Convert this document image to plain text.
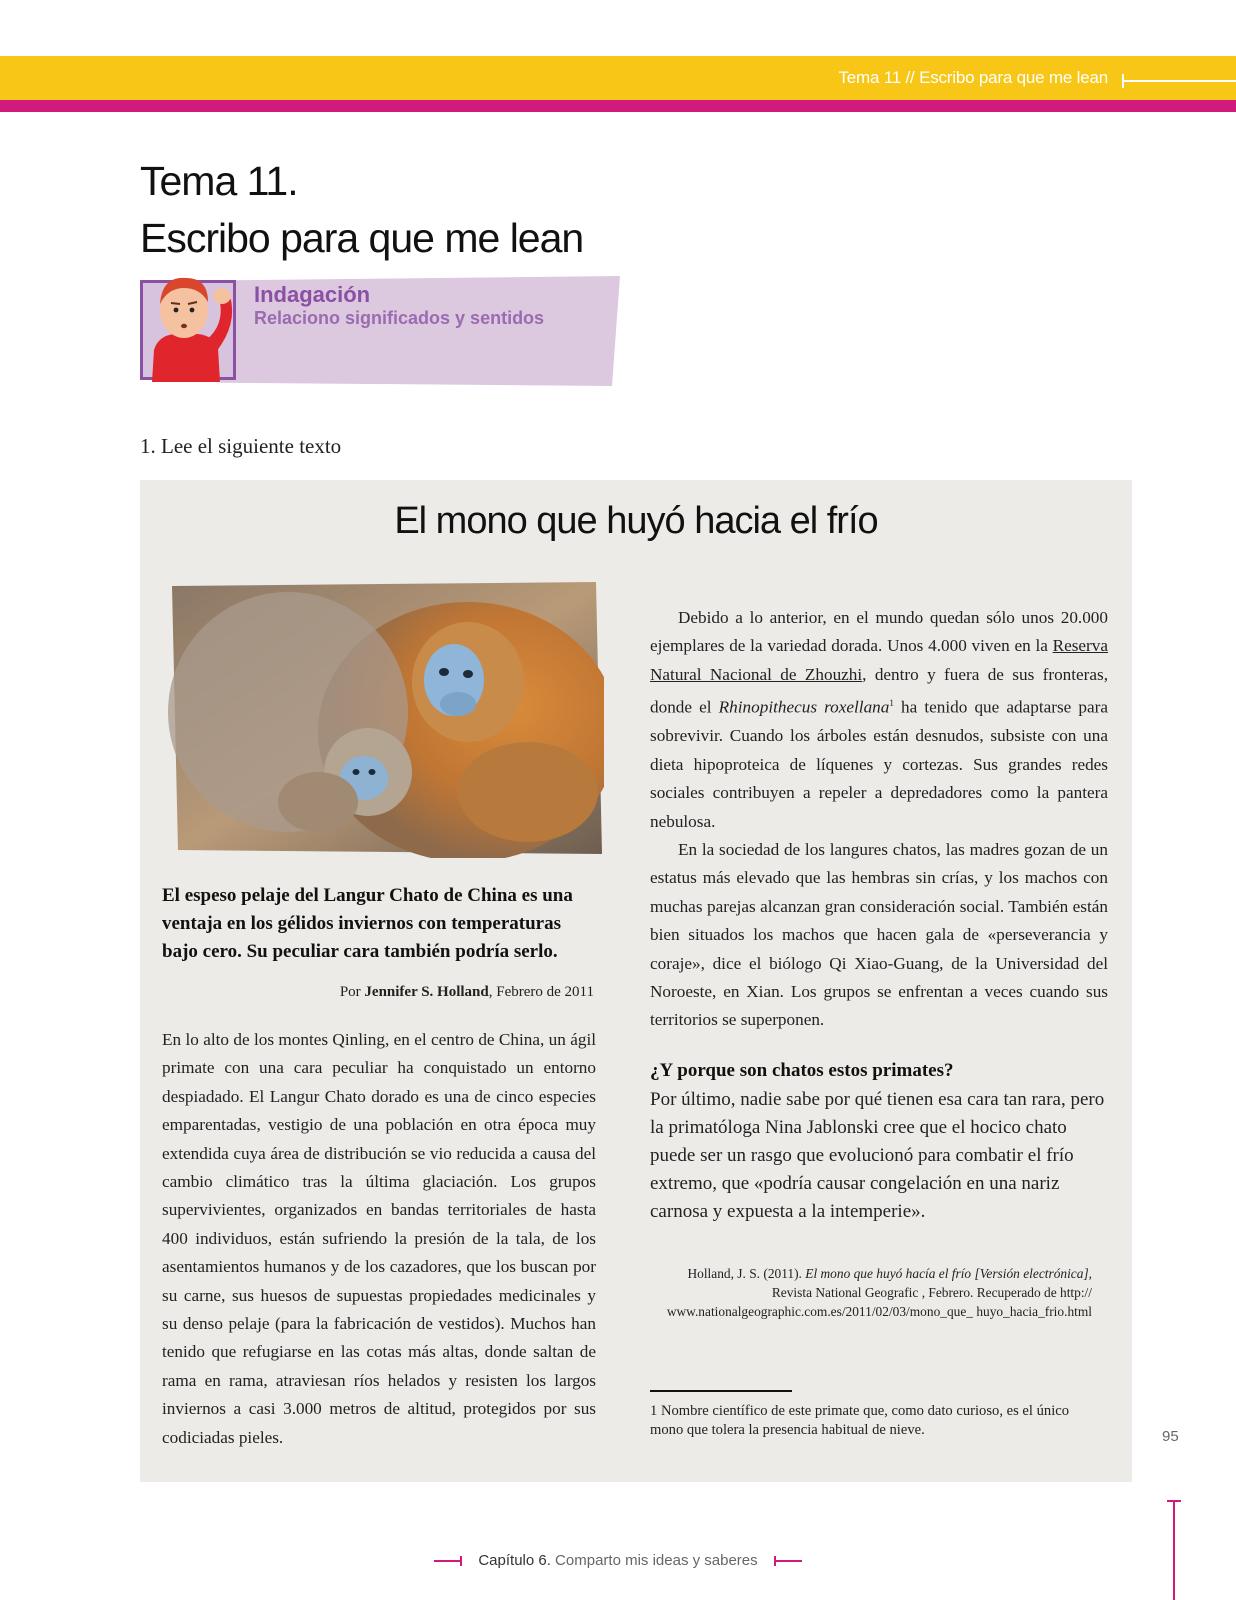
Tema 11 // Escribo para que me lean
Tema 11.
Escribo para que me lean
Indagación
Relaciono significados y sentidos
1. Lee el siguiente texto
El mono que huyó hacia el frío
El espeso pelaje del Langur Chato de China es una ventaja en los gélidos inviernos con temperaturas bajo cero. Su peculiar cara también podría serlo.
Por Jennifer S. Holland, Febrero de 2011

En lo alto de los montes Qinling, en el centro de China, un ágil primate con una cara peculiar ha conquistado un entorno despiadado. El Langur Chato dorado es una de cinco especies emparentadas, vestigio de una población en otra época muy extendida cuya área de distribución se vio reducida a causa del cambio climático tras la última glaciación. Los grupos supervivientes, organizados en bandas territoriales de hasta 400 individuos, están sufriendo la presión de la tala, de los asentamientos humanos y de los cazadores, que los buscan por su carne, sus huesos de supuestas propiedades medicinales y su denso pelaje (para la fabricación de vestidos). Muchos han tenido que refugiarse en las cotas más altas, donde saltan de rama en rama, atraviesan ríos helados y resisten los largos inviernos a casi 3.000 metros de altitud, protegidos por sus codiciadas pieles.

Debido a lo anterior, en el mundo quedan sólo unos 20.000 ejemplares de la variedad dorada. Unos 4.000 viven en la Reserva Natural Nacional de Zhouzhi, dentro y fuera de sus fronteras, donde el Rhinopithecus roxellana$^1$ ha tenido que adaptarse para sobrevivir. Cuando los árboles están desnudos, subsiste con una dieta hipoproteica de líquenes y cortezas. Sus grandes redes sociales contribuyen a repeler a depredadores como la pantera nebulosa.

En la sociedad de los langures chatos, las madres gozan de un estatus más elevado que las hembras sin crías, y los machos con muchas parejas alcanzan gran consideración social. También están bien situados los machos que hacen gala de «perseverancia y coraje», dice el biólogo Qi Xiao-Guang, de la Universidad del Noroeste, en Xian. Los grupos se enfrentan a veces cuando sus territorios se superponen.

¿Y porque son chatos estos primates?
Por último, nadie sabe por qué tienen esa cara tan rara, pero la primatóloga Nina Jablonski cree que el hocico chato puede ser un rasgo que evolucionó para combatir el frío extremo, que «podría causar congelación en una nariz carnosa y expuesta a la intemperie».
Holland, J. S. (2011). El mono que huyó hacía el frío [Versión electrónica], Revista National Geografic , Febrero. Recuperado de http:// www.nationalgeographic.com.es/2011/02/03/mono_que_ huyo_hacia_frio.html
1 Nombre científico de este primate que, como dato curioso, es el único mono que tolera la presencia habitual de nieve.	95
Capítulo 6. Comparto mis ideas y saberes
